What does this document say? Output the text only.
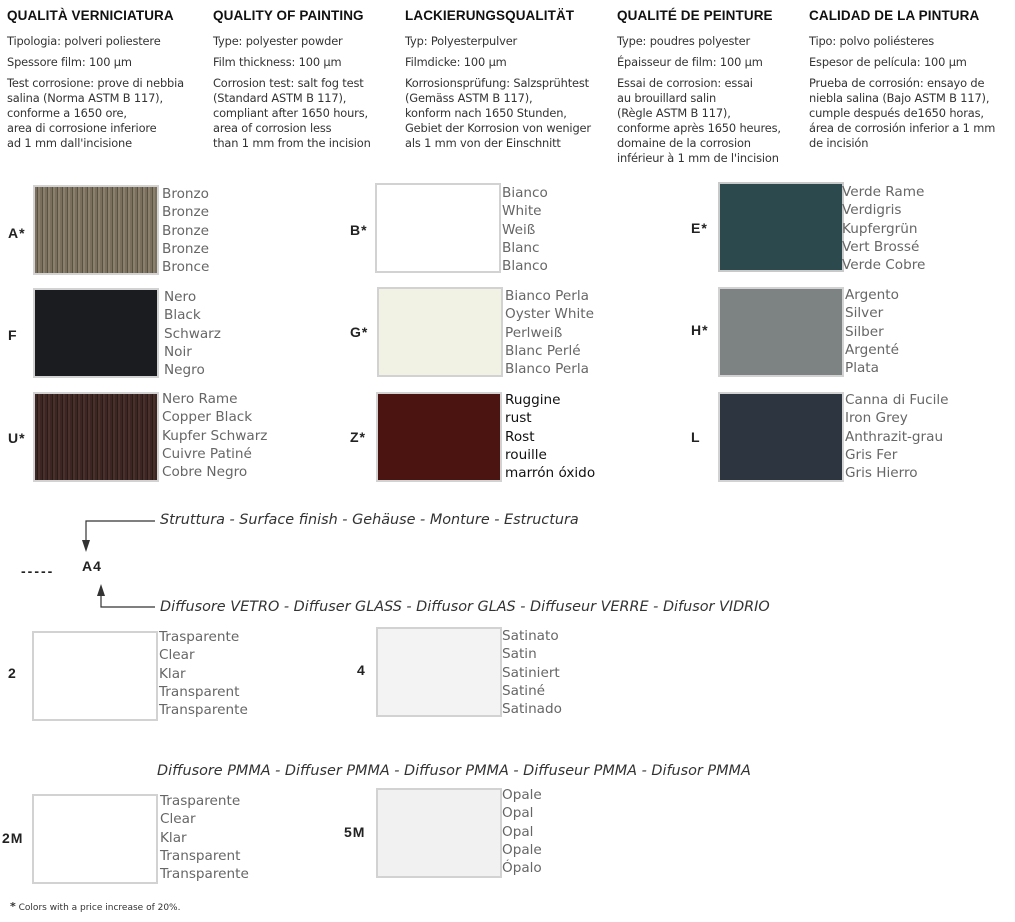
QUALITÀ VERNICIATURA
Tipologia: polveri poliestere
Spessore film: 100 µm
Test corrosione: prove di nebbia
salina (Norma ASTM B 117),
conforme a 1650 ore,
area di corrosione inferiore
ad 1 mm dall'incisione
QUALITY OF PAINTING
Type: polyester powder
Film thickness: 100 µm
Corrosion test: salt fog test
(Standard ASTM B 117),
compliant after 1650 hours,
area of corrosion less
than 1 mm from the incision
LACKIERUNGSQUALITÄT
Typ: Polyesterpulver
Filmdicke: 100 µm
Korrosionsprüfung: Salzsprühtest
(Gemäss ASTM B 117),
konform nach 1650 Stunden,
Gebiet der Korrosion von weniger
als 1 mm von der Einschnitt
QUALITÉ DE PEINTURE
Type: poudres polyester
Épaisseur de film: 100 µm
Essai de corrosion: essai
au brouillard salin
(Règle ASTM B 117),
conforme après 1650 heures,
domaine de la corrosion
inférieur à 1 mm de l'incision
CALIDAD DE LA PINTURA
Tipo: polvo poliésteres
Espesor de película: 100 µm
Prueba de corrosión: ensayo de
niebla salina (Bajo ASTM B 117),
cumple después de1650 horas,
área de corrosión inferior a 1 mm
de incisión
A*
Bronzo
Bronze
Bronze
Bronze
Bronce
B*
Bianco
White
Weiß
Blanc
Blanco
E*
Verde Rame
Verdigris
Kupfergrün
Vert Brossé
Verde Cobre
F
Nero
Black
Schwarz
Noir
Negro
G*
Bianco Perla
Oyster White
Perlweiß
Blanc Perlé
Blanco Perla
H*
Argento
Silver
Silber
Argenté
Plata
U*
Nero Rame
Copper Black
Kupfer Schwarz
Cuivre Patiné
Cobre Negro
Z*
Ruggine
rust
Rost
rouille
marrón óxido
L
Canna di Fucile
Iron Grey
Anthrazit-grau
Gris Fer
Gris Hierro
Struttura - Surface finish - Gehäuse - Monture - Estructura
----- A4
Diffusore VETRO - Diffuser GLASS - Diffusor GLAS - Diffuseur VERRE - Difusor VIDRIO
2
Trasparente
Clear
Klar
Transparent
Transparente
4
Satinato
Satin
Satiniert
Satiné
Satinado
Diffusore PMMA - Diffuser PMMA - Diffusor PMMA - Diffuseur PMMA - Difusor PMMA
2M
Trasparente
Clear
Klar
Transparent
Transparente
5M
Opale
Opal
Opal
Opale
Ópalo
* Colors with a price increase of 20%.
